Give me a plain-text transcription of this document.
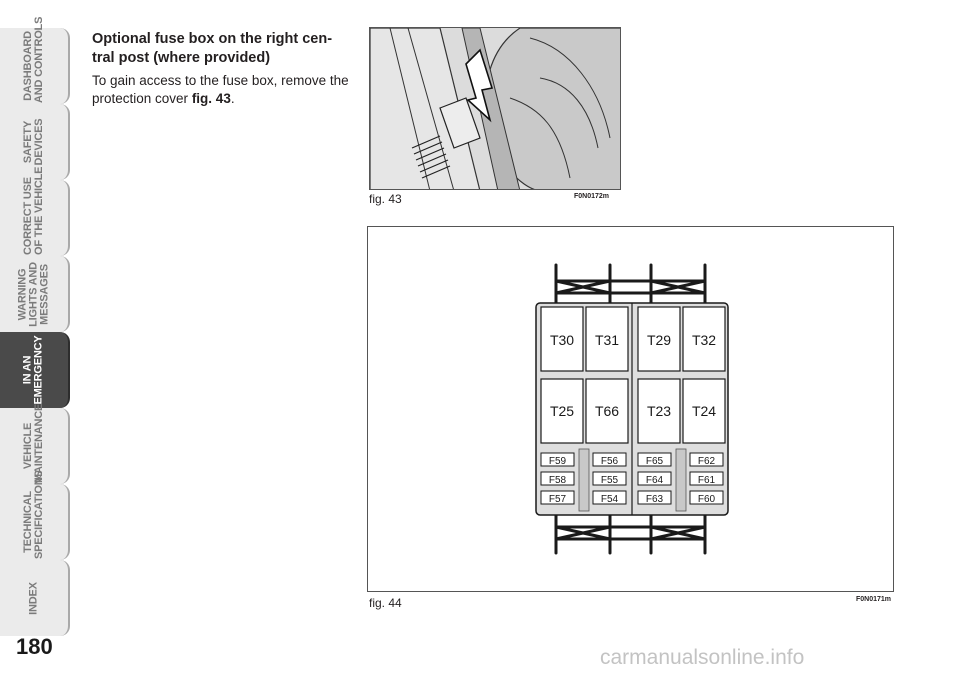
DASHBOARD
AND CONTROLS
SAFETY
DEVICES
CORRECT USE
OF THE VEHICLE
WARNING
LIGHTS AND
MESSAGES
IN AN
EMERGENCY
VEHICLE
MAINTENANCE
TECHNICAL
SPECIFICATIONS
INDEX
180
Optional fuse box on the right cen-
tral post (where provided)
To gain access to the fuse box, remove the
protection cover fig. 43.
fig. 43	F0N0172m
T30 T31 T29 T32
T25 T66 T23 T24
F59	F56	F65	F62
F58	F55	F64	F61
F57	F54	F63	F60
fig. 44	F0N0171m
carmanualsonline.info
